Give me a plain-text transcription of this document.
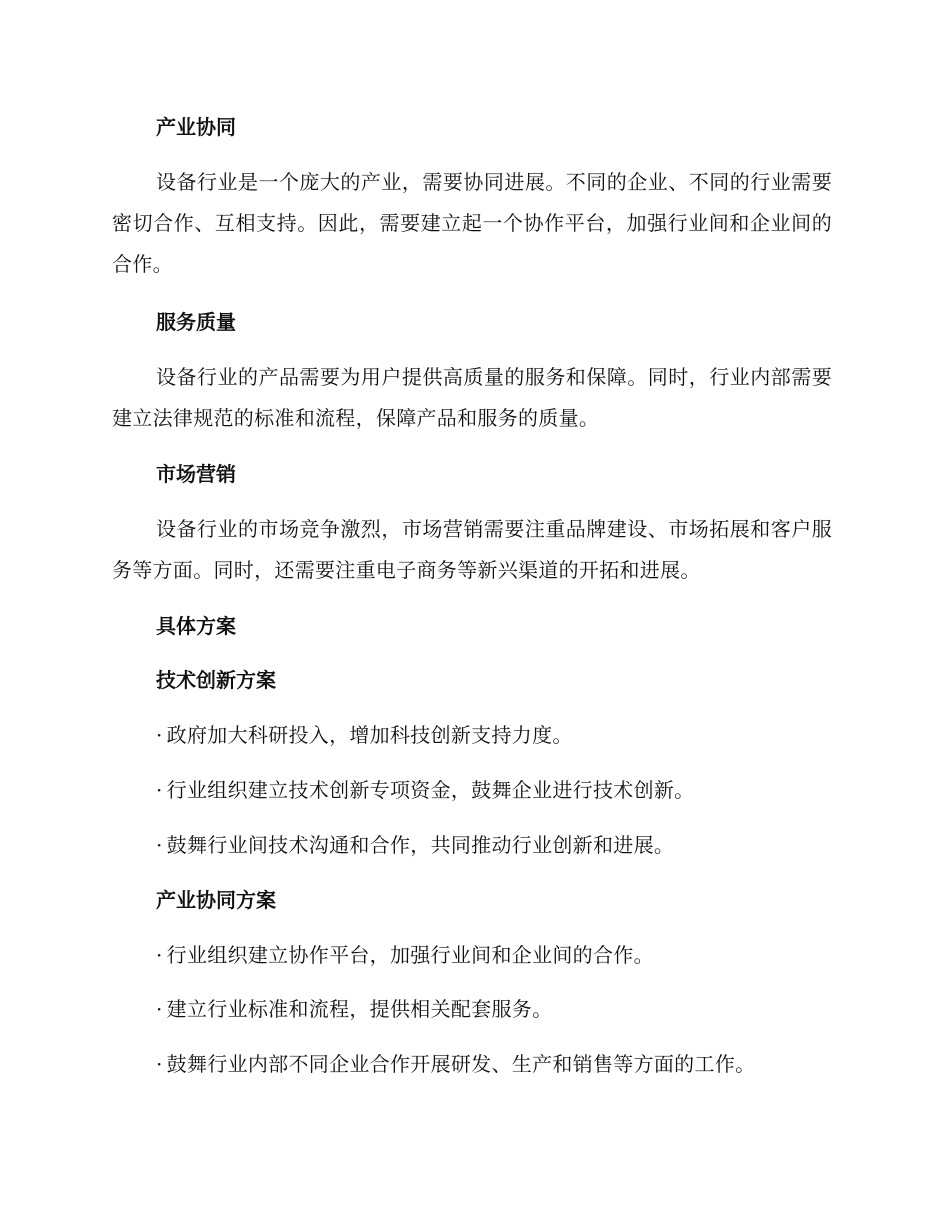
产业协同
设备行业是一个庞大的产业，需要协同进展。不同的企业、不同的行业需要密切合作、互相支持。因此，需要建立起一个协作平台，加强行业间和企业间的合作。
服务质量
设备行业的产品需要为用户提供高质量的服务和保障。同时，行业内部需要建立法律规范的标准和流程，保障产品和服务的质量。
市场营销
设备行业的市场竞争激烈，市场营销需要注重品牌建设、市场拓展和客户服务等方面。同时，还需要注重电子商务等新兴渠道的开拓和进展。
具体方案
技术创新方案
· 政府加大科研投入，增加科技创新支持力度。
· 行业组织建立技术创新专项资金，鼓舞企业进行技术创新。
· 鼓舞行业间技术沟通和合作，共同推动行业创新和进展。
产业协同方案
· 行业组织建立协作平台，加强行业间和企业间的合作。
· 建立行业标准和流程，提供相关配套服务。
· 鼓舞行业内部不同企业合作开展研发、生产和销售等方面的工作。
